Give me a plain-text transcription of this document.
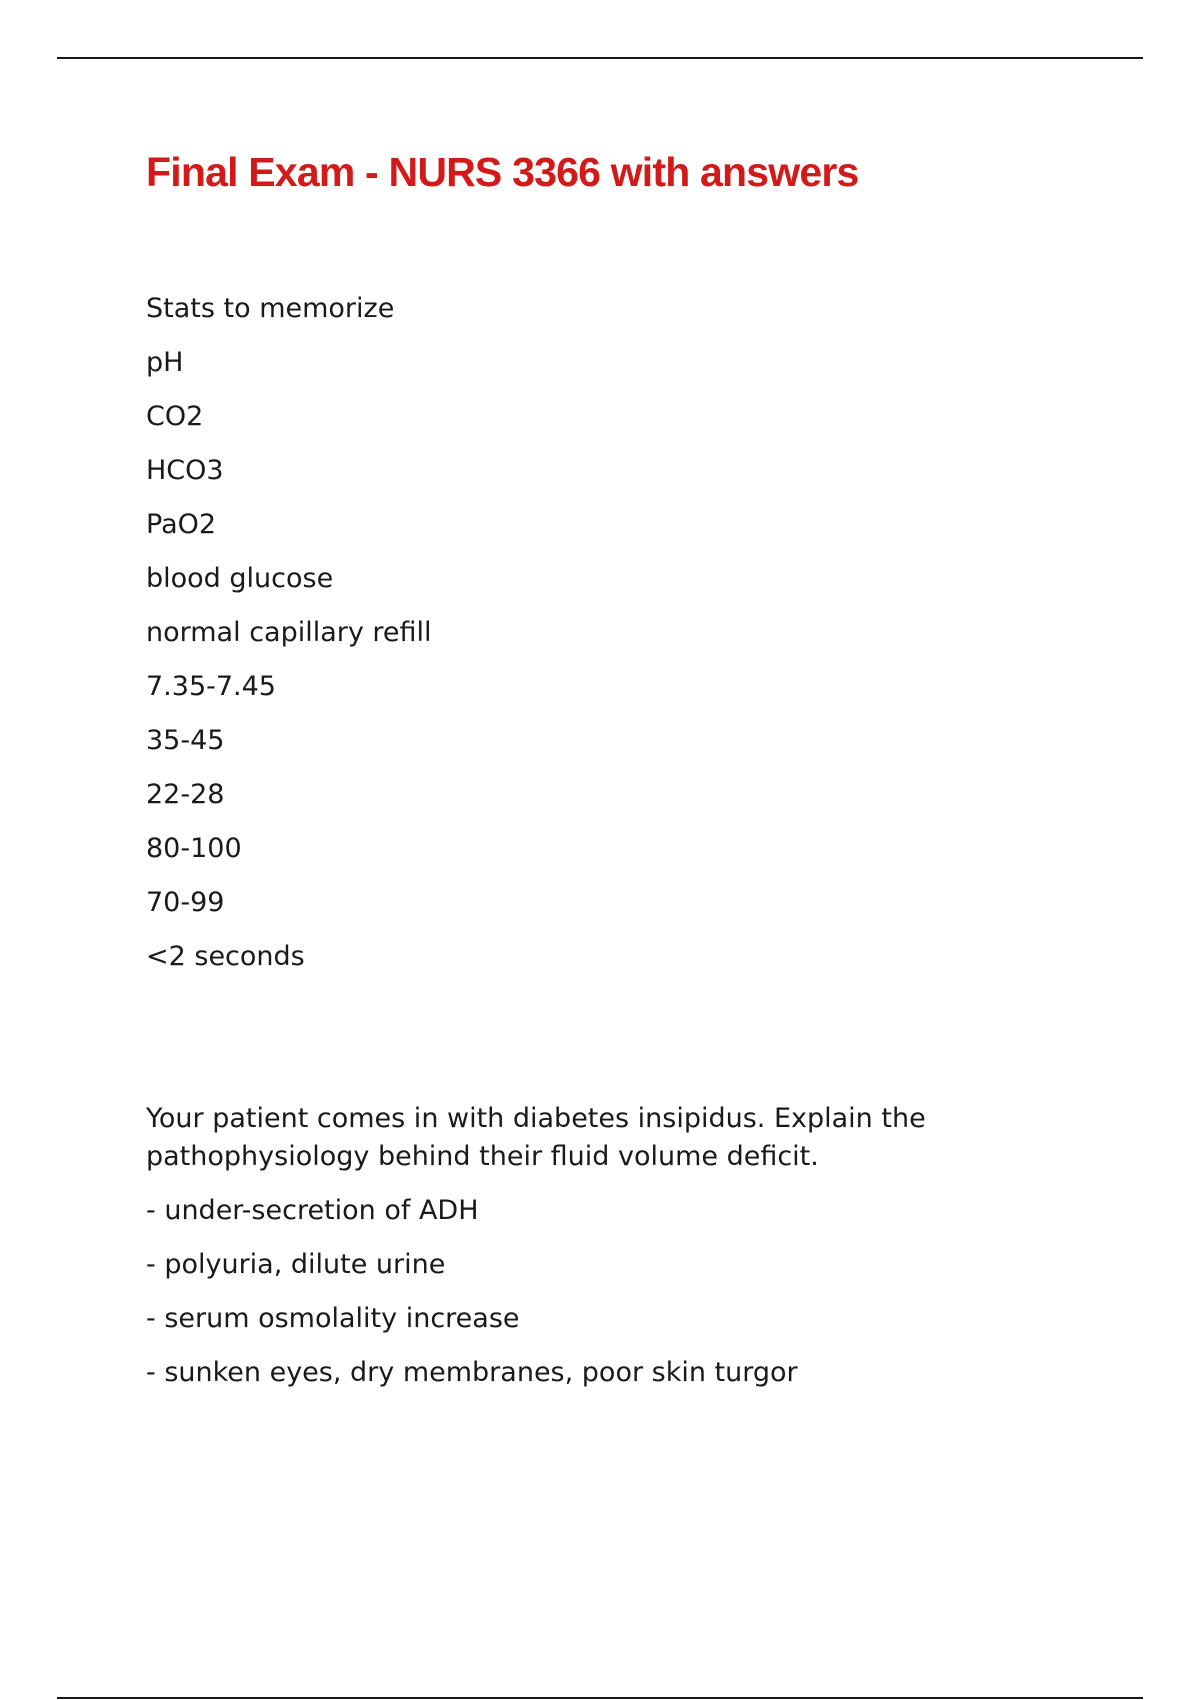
Final Exam - NURS 3366 with answers
Stats to memorize
pH
CO2
HCO3
PaO2
blood glucose
normal capillary refill
7.35-7.45
35-45
22-28
80-100
70-99
<2 seconds

Your patient comes in with diabetes insipidus. Explain the pathophysiology behind their fluid volume deficit.

- under-secretion of ADH
- polyuria, dilute urine
- serum osmolality increase
- sunken eyes, dry membranes, poor skin turgor
